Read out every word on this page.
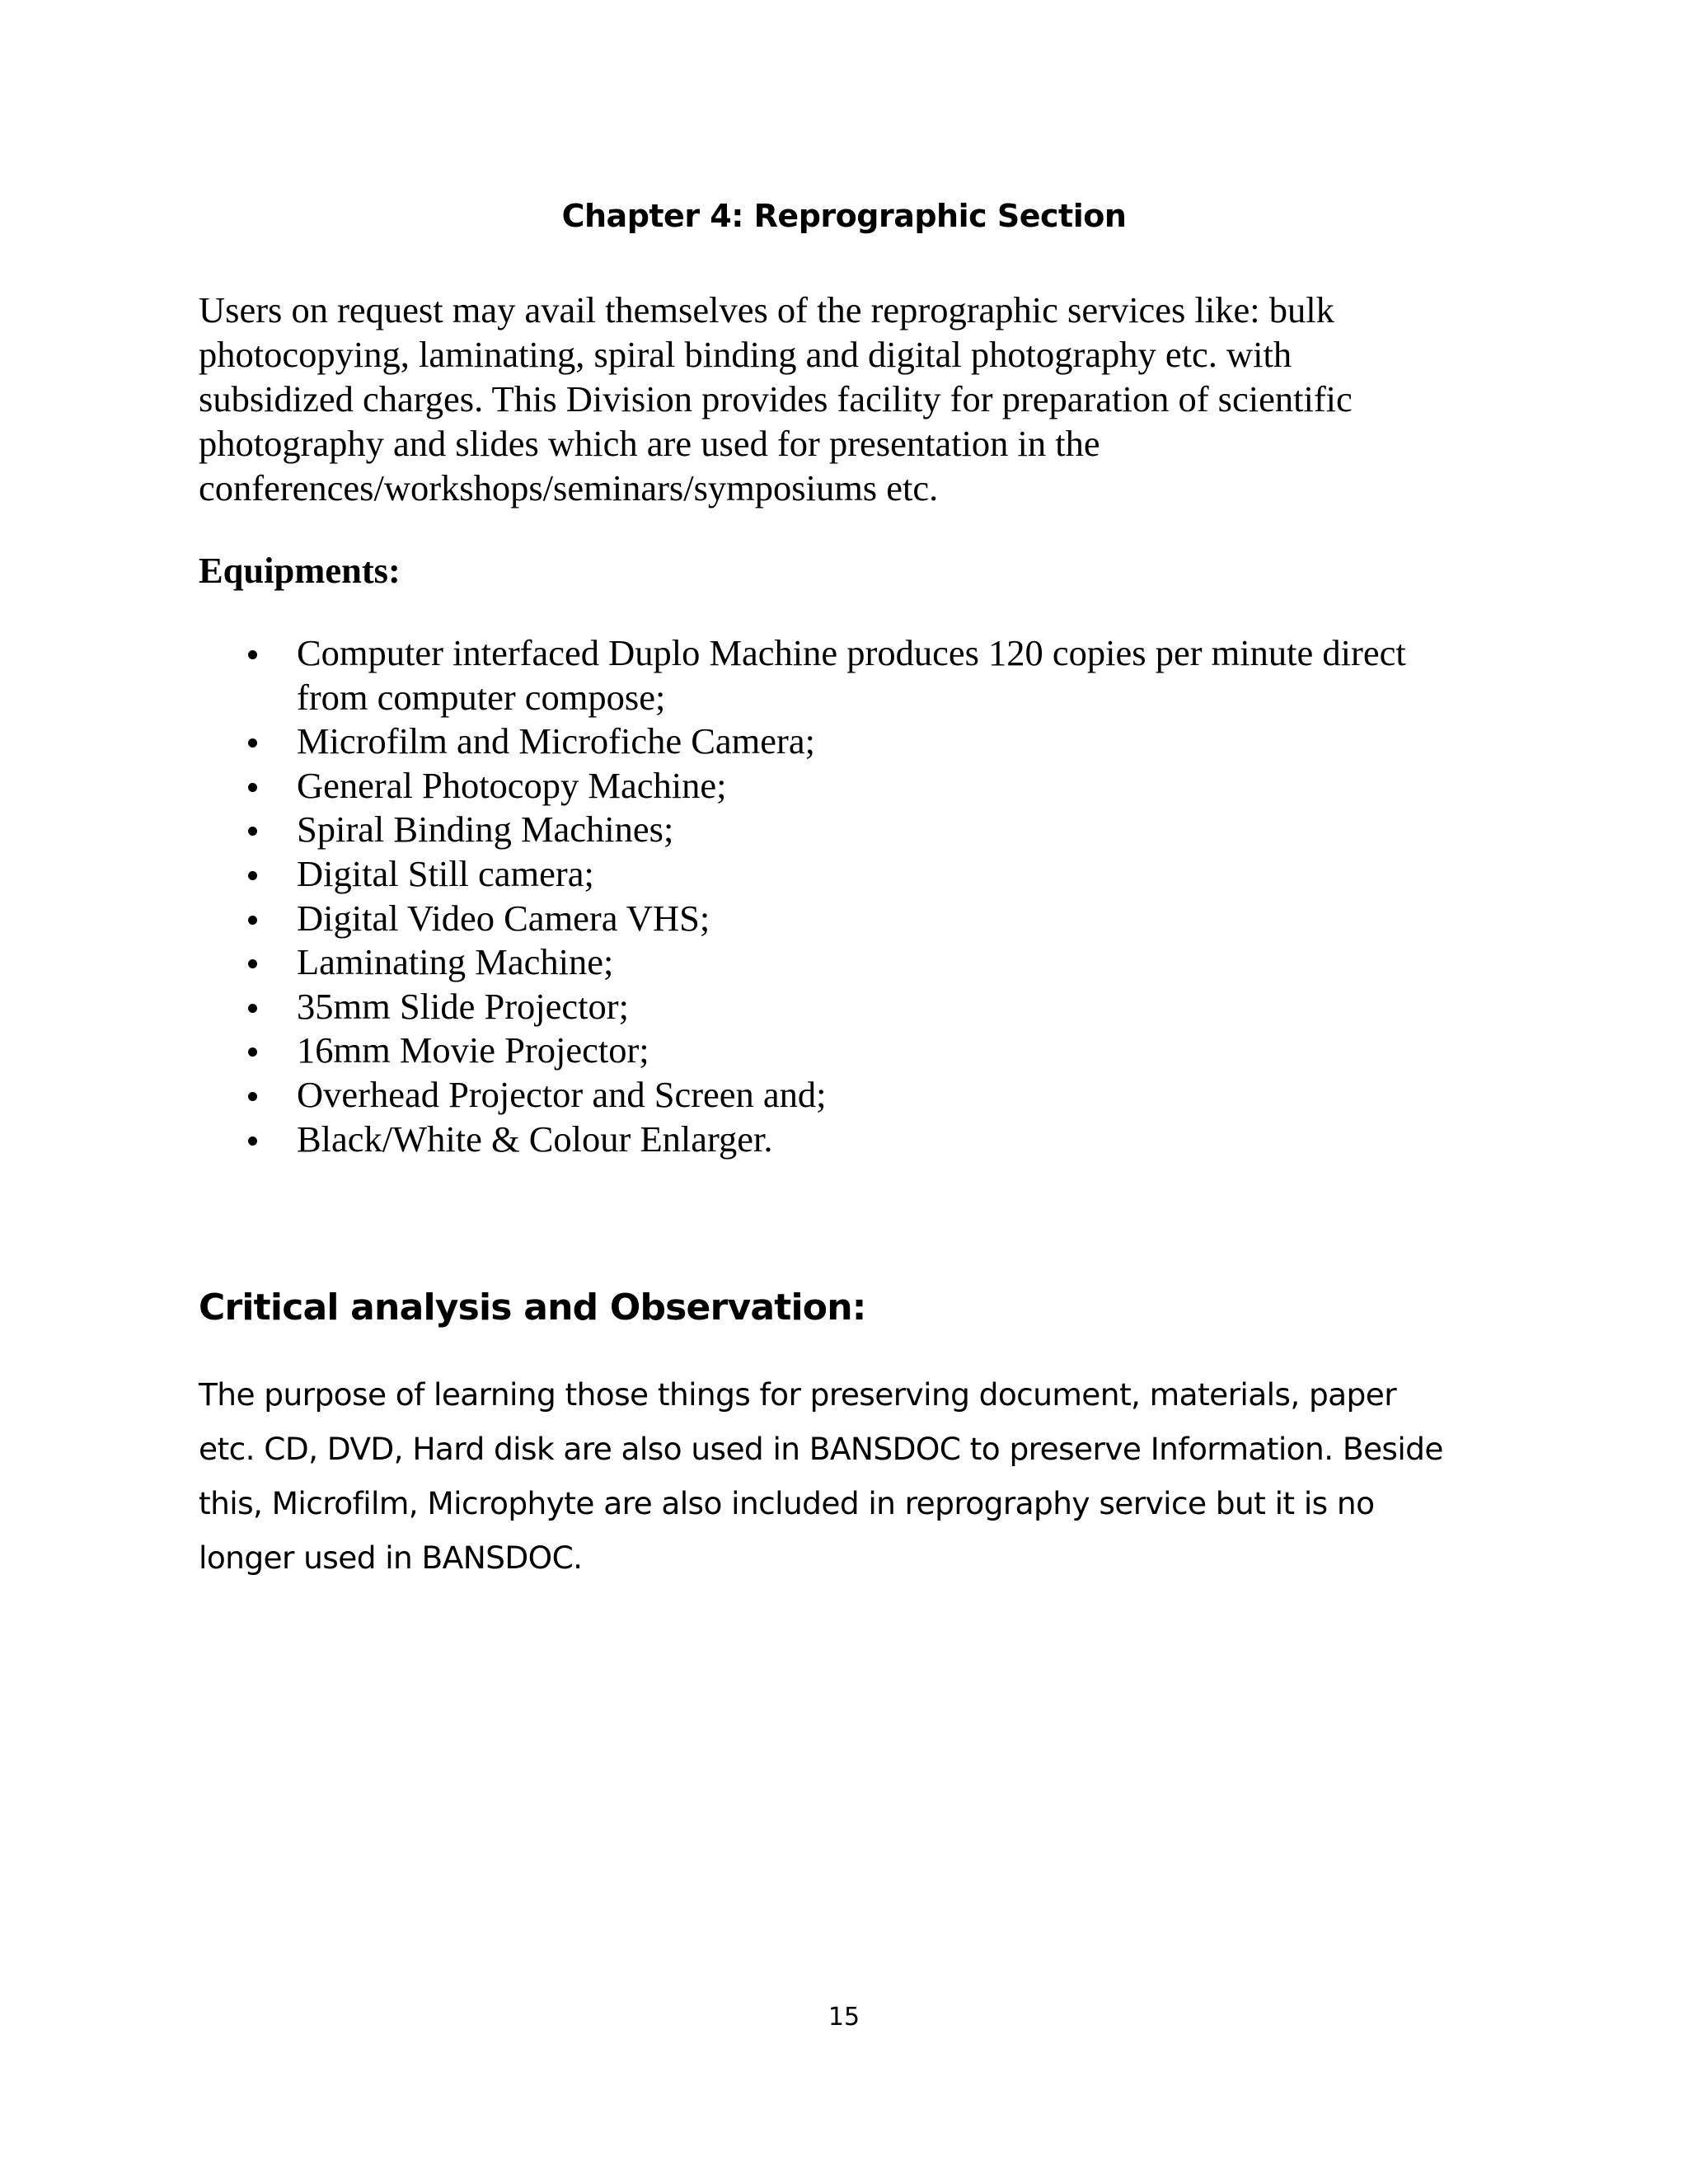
Chapter 4: Reprographic Section

Users on request may avail themselves of the reprographic services like: bulk
photocopying, laminating, spiral binding and digital photography etc. with
subsidized charges. This Division provides facility for preparation of scientific
photography and slides which are used for presentation in the
conferences/workshops/seminars/symposiums etc.

Equipments:
Computer interfaced Duplo Machine produces 120 copies per minute direct
from computer compose;
Microfilm and Microfiche Camera;
General Photocopy Machine;
Spiral Binding Machines;
Digital Still camera;
Digital Video Camera VHS;
Laminating Machine;
35mm Slide Projector;
16mm Movie Projector;
Overhead Projector and Screen and;
Black/White & Colour Enlarger.
Critical analysis and Observation:

The purpose of learning those things for preserving document, materials, paper
etc. CD, DVD, Hard disk are also used in BANSDOC to preserve Information. Beside
this, Microfilm, Microphyte are also included in reprography service but it is no
longer used in BANSDOC.

15
